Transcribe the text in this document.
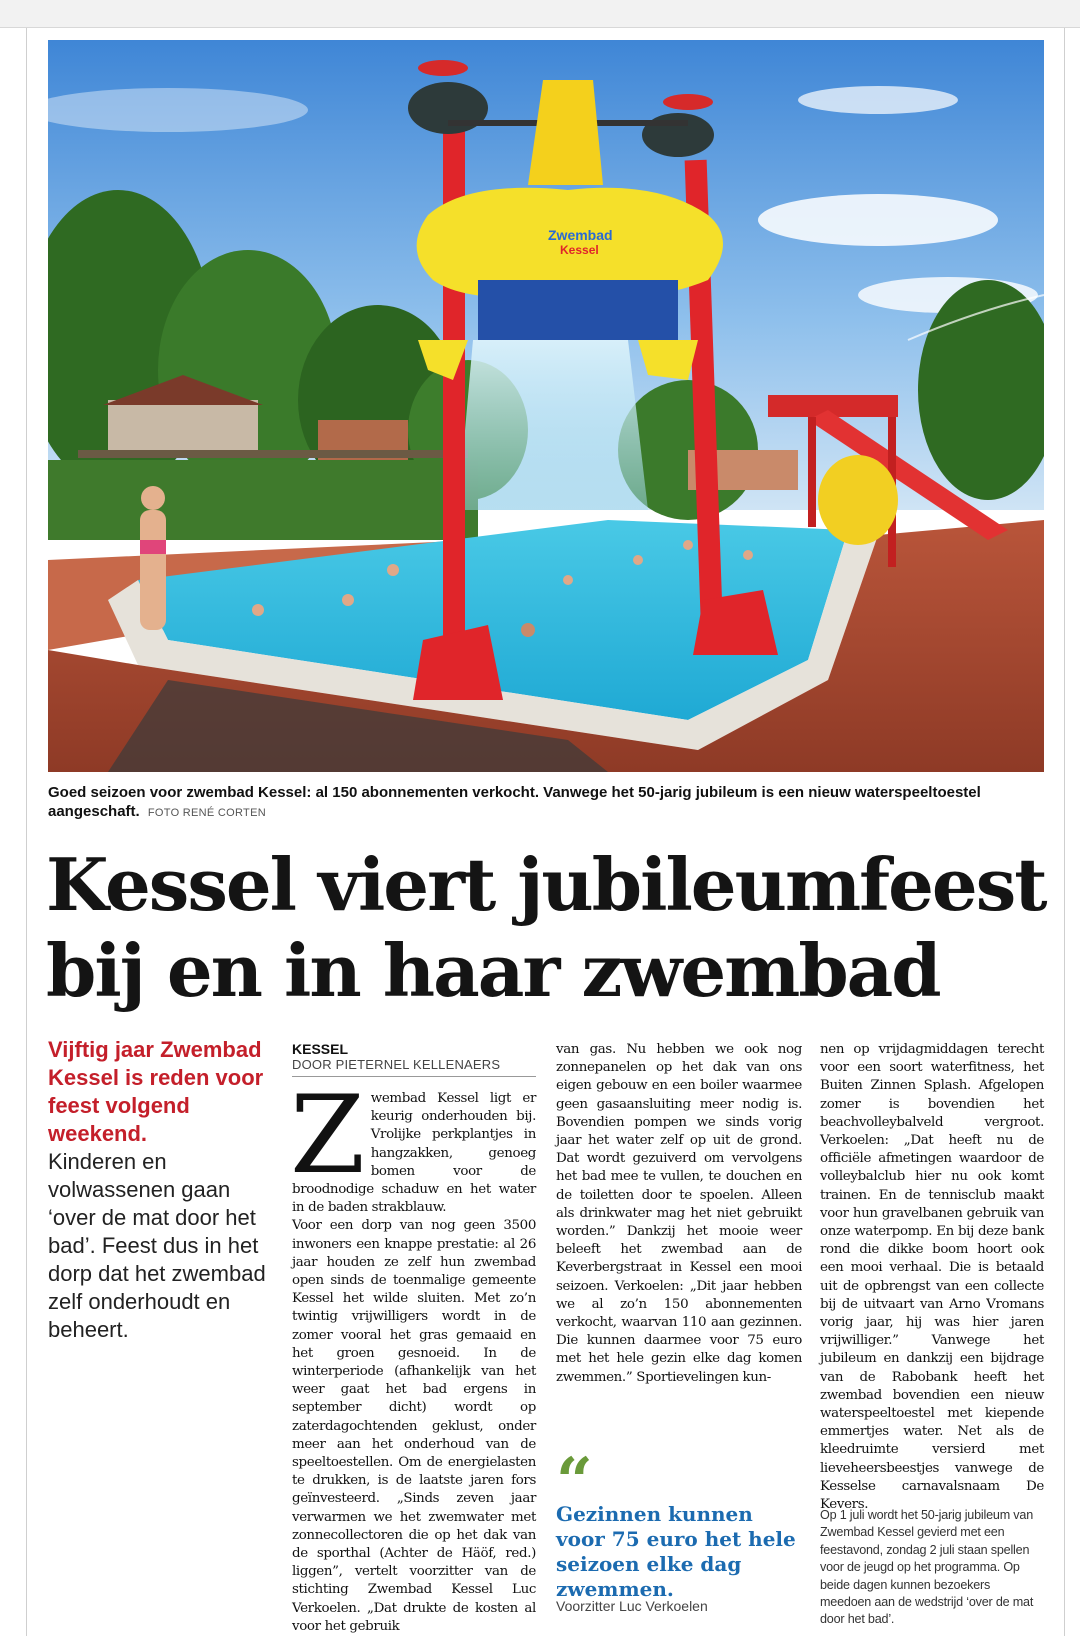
Zwembad
Kessel
Goed seizoen voor zwembad Kessel: al 150 abonnementen verkocht. Vanwege het 50-jarig jubileum is een nieuw waterspeeltoestel aangeschaft. FOTO RENÉ CORTEN
Kessel viert jubileumfeest
bij en in haar zwembad
Vijftig jaar Zwembad Kessel is reden voor feest volgend weekend.
Kinderen en volwassenen gaan ‘over de mat door het bad’. Feest dus in het dorp dat het zwembad zelf onderhoudt en beheert.
KESSEL
DOOR PIETERNEL KELLENAERS
Z wembad Kessel ligt er keurig onderhouden bij. Vrolijke perkplantjes in hangzakken, genoeg bomen voor de broodnodige schaduw en het water in de baden strakblauw.

Voor een dorp van nog geen 3500 inwoners een knappe prestatie: al 26 jaar houden ze zelf hun zwembad open sinds de toenmalige gemeente Kessel het wilde sluiten. Met zo’n twintig vrijwilligers wordt in de zomer vooral het gras gemaaid en het groen gesnoeid. In de winterperiode (afhankelijk van het weer gaat het bad ergens in september dicht) wordt op zaterdagochtenden geklust, onder meer aan het onderhoud van de speeltoestellen. Om de energielasten te drukken, is de laatste jaren fors geïnvesteerd. „Sinds zeven jaar verwarmen we het zwemwater met zonnecollectoren die op het dak van de sporthal (Achter de Häöf, red.) liggen”, vertelt voorzitter van de stichting Zwembad Kessel Luc Verkoelen. „Dat drukte de kosten al voor het gebruik

van gas. Nu hebben we ook nog zonnepanelen op het dak van ons eigen gebouw en een boiler waarmee geen gasaansluiting meer nodig is. Bovendien pompen we sinds vorig jaar het water zelf op uit de grond. Dat wordt gezuiverd om vervolgens het bad mee te vullen, te douchen en de toiletten door te spoelen. Alleen als drinkwater mag het niet gebruikt worden.” Dankzij het mooie weer beleeft het zwembad aan de Keverbergstraat in Kessel een mooi seizoen. Verkoelen: „Dit jaar hebben we al zo’n 150 abonnementen verkocht, waarvan 110 aan gezinnen. Die kunnen daarmee voor 75 euro met het hele gezin elke dag komen zwemmen.” Sportievelingen kun-

“
Gezinnen kunnen voor 75 euro het hele seizoen elke dag zwemmen.
Voorzitter Luc Verkoelen

nen op vrijdagmiddagen terecht voor een soort waterfitness, het Buiten Zinnen Splash. Afgelopen zomer is bovendien het beachvolleybalveld vergroot. Verkoelen: „Dat heeft nu de officiële afmetingen waardoor de volleybalclub hier nu ook komt trainen. En de tennisclub maakt voor hun gravelbanen gebruik van onze waterpomp. En bij deze bank rond die dikke boom hoort ook een mooi verhaal. Die is betaald uit de opbrengst van een collecte bij de uitvaart van Arno Vromans vorig jaar, hij was hier jaren vrijwilliger.” Vanwege het jubileum en dankzij een bijdrage van de Rabobank heeft het zwembad bovendien een nieuw waterspeeltoestel met kiepende emmertjes water. Net als de kleedruimte versierd met lieveheersbeestjes vanwege de Kesselse carnavalsnaam De Kevers.

Op 1 juli wordt het 50-jarig jubileum van Zwembad Kessel gevierd met een feestavond, zondag 2 juli staan spellen voor de jeugd op het programma. Op beide dagen kunnen bezoekers meedoen aan de wedstrijd ‘over de mat door het bad’.
